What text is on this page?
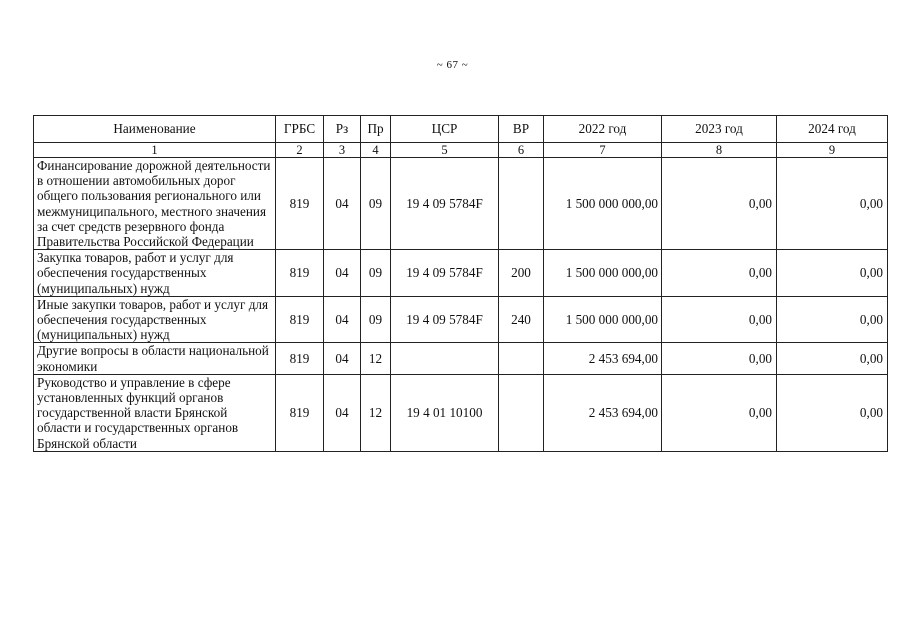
~ 67 ~
Наименование	ГРБС	Рз	Пр	ЦСР	ВР	2022 год	2023 год	2024 год
1	2	3	4	5	6	7	8	9
Финансирование дорожной деятельности в отношении автомобильных дорог общего пользования регионального или межмуниципального, местного значения за счет средств резервного фонда Правительства Российской Федерации	819	04	09	19 4 09 5784F		1 500 000 000,00	0,00	0,00
Закупка товаров, работ и услуг для обеспечения государственных (муниципальных) нужд	819	04	09	19 4 09 5784F	200	1 500 000 000,00	0,00	0,00
Иные закупки товаров, работ и услуг для обеспечения государственных (муниципальных) нужд	819	04	09	19 4 09 5784F	240	1 500 000 000,00	0,00	0,00
Другие вопросы в области национальной экономики	819	04	12			2 453 694,00	0,00	0,00
Руководство и управление в сфере установленных функций органов государственной власти Брянской области и государственных органов Брянской области	819	04	12	19 4 01 10100		2 453 694,00	0,00	0,00
